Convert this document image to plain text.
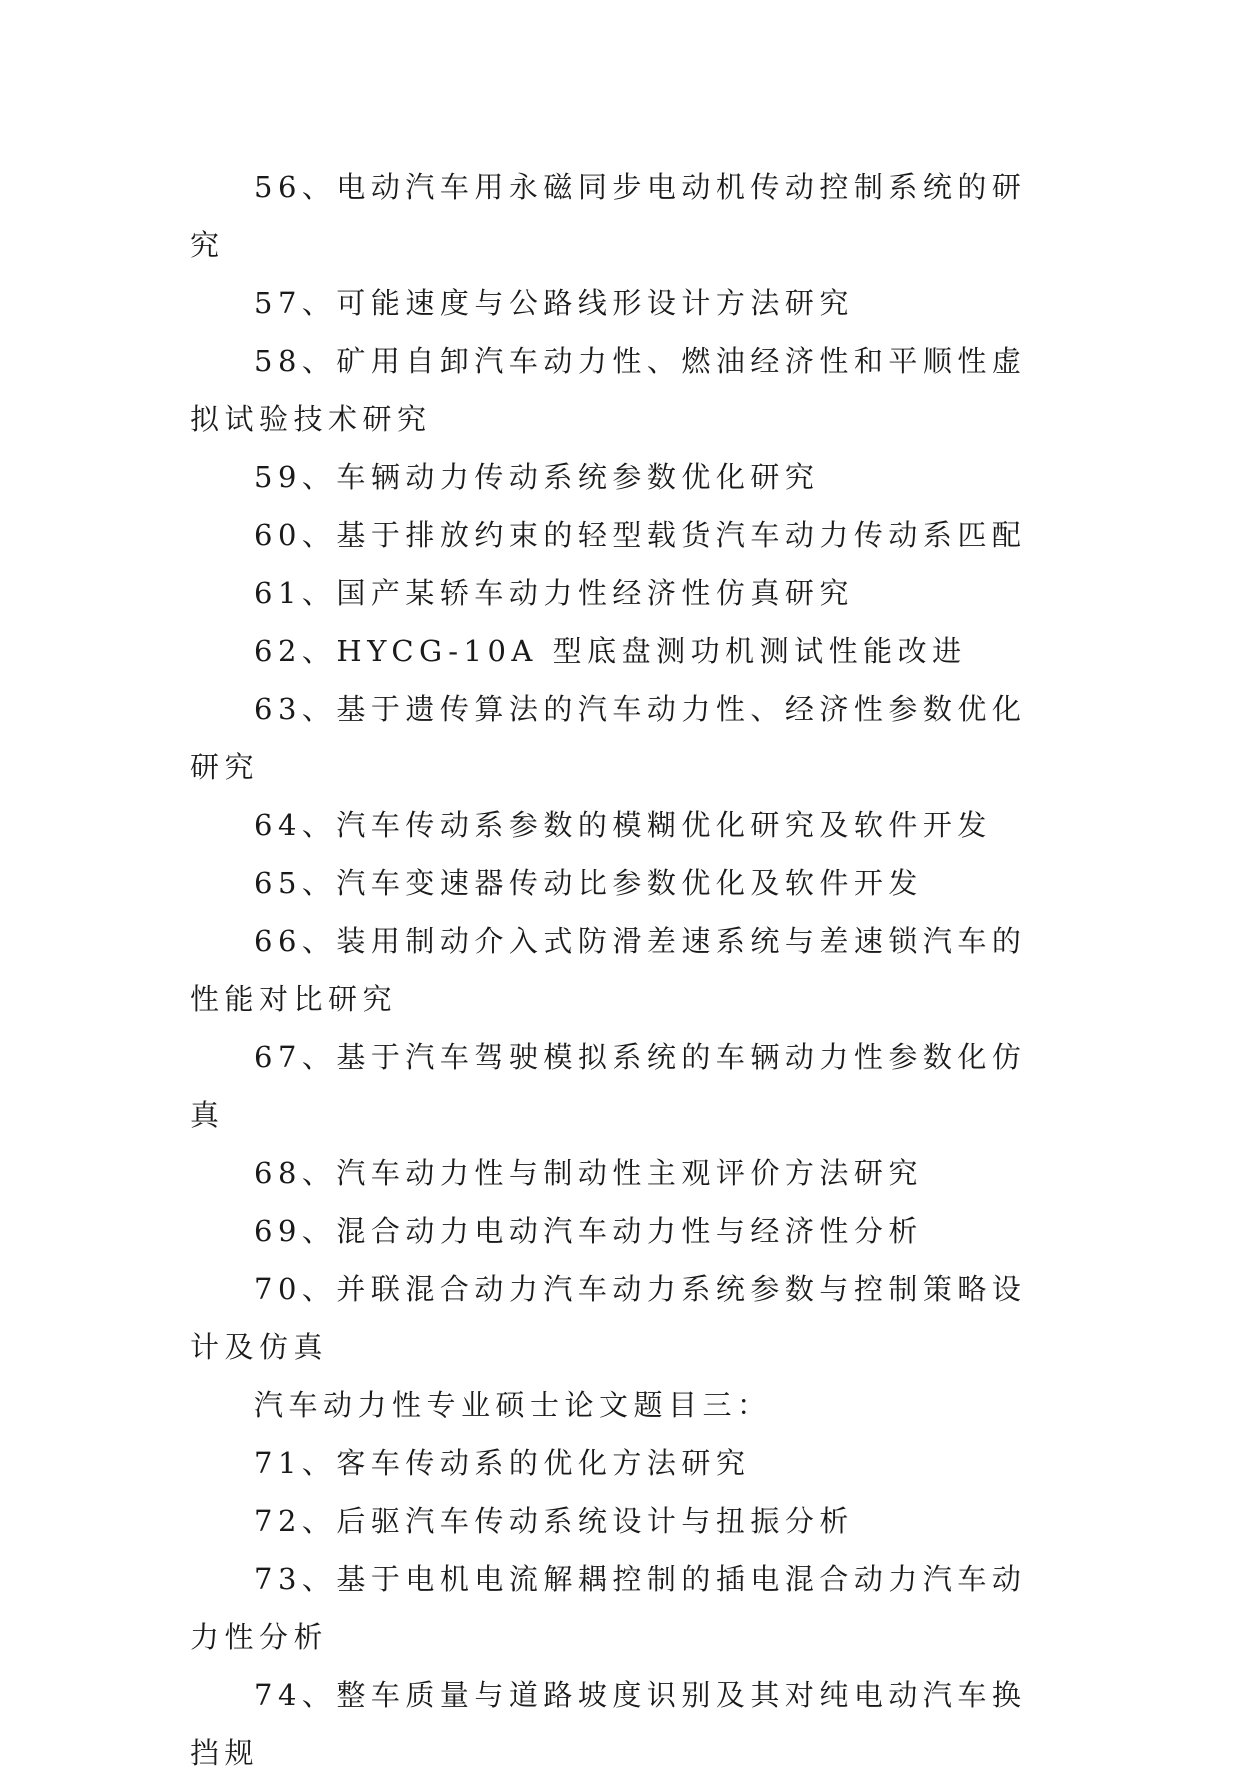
56、电动汽车用永磁同步电动机传动控制系统的研究

57、可能速度与公路线形设计方法研究

58、矿用自卸汽车动力性、燃油经济性和平顺性虚拟试验技术研究

59、车辆动力传动系统参数优化研究

60、基于排放约束的轻型载货汽车动力传动系匹配

61、国产某轿车动力性经济性仿真研究

62、HYCG-10A 型底盘测功机测试性能改进

63、基于遗传算法的汽车动力性、经济性参数优化研究

64、汽车传动系参数的模糊优化研究及软件开发

65、汽车变速器传动比参数优化及软件开发

66、装用制动介入式防滑差速系统与差速锁汽车的性能对比研究

67、基于汽车驾驶模拟系统的车辆动力性参数化仿真

68、汽车动力性与制动性主观评价方法研究

69、混合动力电动汽车动力性与经济性分析

70、并联混合动力汽车动力系统参数与控制策略设计及仿真

汽车动力性专业硕士论文题目三：

71、客车传动系的优化方法研究

72、后驱汽车传动系统设计与扭振分析

73、基于电机电流解耦控制的插电混合动力汽车动力性分析

74、整车质量与道路坡度识别及其对纯电动汽车换挡规
